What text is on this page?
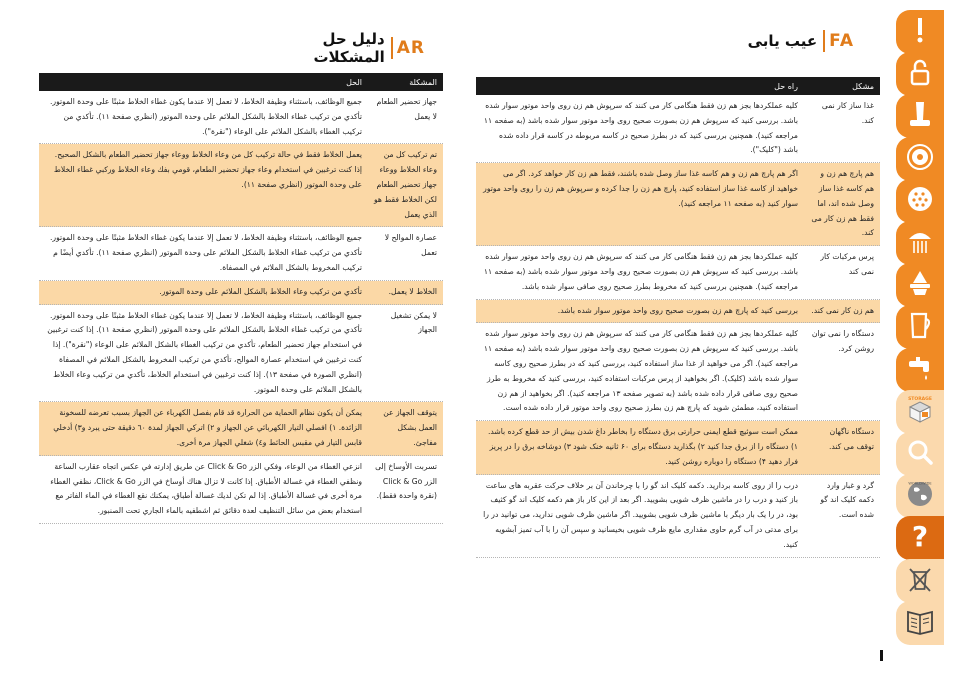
FA
عیب یابی
AR
دليل حل المشكلات
مشکل
راه حل
غذا ساز کار نمی کند.
کلیه عملکردها بجز هم زن فقط هنگامی کار می کنند که سرپوش هم زن روی واحد موتور سوار شده باشد. بررسی کنید که سرپوش هم زن بصورت صحیح روی واحد موتور سوار شده باشد (به صفحه ۱۱ مراجعه کنید). همچنین بررسی کنید که در بطرز صحیح در کاسه مربوطه در کاسه قرار داده شده باشد ("کلیک").
هم پارچ هم زن و هم کاسه غذا ساز وصل شده اند، اما فقط هم زن کار می کند.
اگر هم پارچ هم زن و هم کاسه غذا ساز وصل شده باشند، فقط هم زن کار خواهد کرد. اگر می خواهید از کاسه غذا ساز استفاده کنید، پارچ هم زن را جدا کرده و سرپوش هم زن را روی واحد موتور سوار کنید (به صفحه ۱۱ مراجعه کنید).
پرس مرکبات کار نمی کند
کلیه عملکردها بجز هم زن فقط هنگامی کار می کنند که سرپوش هم زن روی واحد موتور سوار شده باشد. بررسی کنید که سرپوش هم زن بصورت صحیح روی واحد موتور سوار شده باشد (به صفحه ۱۱ مراجعه کنید). همچنین بررسی کنید که مخروط بطرز صحیح روی صافی سوار شده باشد.
هم زن کار نمی کند.
بررسی کنید که پارچ هم زن بصورت صحیح روی واحد موتور سوار شده باشد.
دستگاه را نمی توان روشن کرد.
کلیه عملکردها بجز هم زن فقط هنگامی کار می کنند که سرپوش هم زن روی واحد موتور سوار شده باشد. بررسی کنید که سرپوش هم زن بصورت صحیح روی واحد موتور سوار شده باشد (به صفحه ۱۱ مراجعه کنید). اگر می خواهید از غذا ساز استفاده کنید، بررسی کنید که در بطرز صحیح روی کاسه سوار شده باشد (کلیک). اگر بخواهید از پرس مرکبات استفاده کنید، بررسی کنید که مخروط به طرز صحیح روی صافی قرار داده شده باشد (به تصویر صفحه ۱۳ مراجعه کنید). اگر بخواهید از هم زن استفاده کنید، مطمئن شوید که پارچ هم زن بطرز صحیح روی واحد موتور قرار داده شده است.
دستگاه ناگهان توقف می کند.
ممکن است سوئیچ قطع ایمنی حرارتی برق دستگاه را بخاطر داغ شدن بیش از حد قطع کرده باشد. ۱) دستگاه را از برق جدا کنید ۲) بگذارید دستگاه برای ۶۰ ثانیه خنک شود ۳) دوشاخه برق را در پریز فرار دهید ۴) دستگاه را دوباره روشن کنید.
گرد و غبار وارد دکمه کلیک اند گو شده است.
درب را از روی کاسه بردارید. دکمه کلیک اند گو را با چرخاندن آن بر خلاف حرکت عقربه های ساعت باز کنید و درب را در ماشین ظرف شویی بشویید. اگر بعد از این کار باز هم دکمه کلیک اند گو کثیف بود، در را یک بار دیگر با ماشین ظرف شویی بشویید. اگر ماشین ظرف شویی ندارید، می توانید در را برای مدتی در آب گرم حاوی مقداری مایع ظرف شویی بخیسانید و سپس آن را با آب تمیز آبشویه کنید.
المشكلة
الحل
جهاز تحضير الطعام لا يعمل
جميع الوظائف، باستثناء وظيفة الخلاط، لا تعمل إلا عندما يكون غطاء الخلاط مثبتًا على وحدة الموتور. تأكدي من تركيب غطاء الخلاط بالشكل الملائم على وحدة الموتور (انظري صفحة ١١). تأكدي من تركيب الغطاء بالشكل الملائم على الوعاء ("نقرة").
تم تركيب كل من وعاء الخلاط ووعاء جهاز تحضير الطعام لكن الخلاط فقط هو الذي يعمل
يعمل الخلاط فقط في حالة تركيب كل من وعاء الخلاط ووعاء جهاز تحضير الطعام بالشكل الصحيح. إذا كنت ترغبين في استخدام وعاء جهاز تحضير الطعام، قومي بفك وعاء الخلاط وركبي غطاء الخلاط على وحدة الموتور (انظري صفحة ١١).
عصارة الموالح لا تعمل
جميع الوظائف، باستثناء وظيفة الخلاط، لا تعمل إلا عندما يكون غطاء الخلاط مثبتًا على وحدة الموتور. تأكدي من تركيب غطاء الخلاط بالشكل الملائم على وحدة الموتور (انظري صفحة ١١). تأكدي أيضًا م تركيب المخروط بالشكل الملائم في المصفاة.
الخلاط لا يعمل.
تأكدي من تركيب وعاء الخلاط بالشكل الملائم على وحدة الموتور.
لا يمكن تشغيل الجهاز
جميع الوظائف، باستثناء وظيفة الخلاط، لا تعمل إلا عندما يكون غطاء الخلاط مثبتًا على وحدة الموتور. تأكدي من تركيب غطاء الخلاط بالشكل الملائم على وحدة الموتور (انظري صفحة ١١). إذا كنت ترغبين في استخدام جهاز تحضير الطعام، تأكدي من تركيب الغطاء بالشكل الملائم على الوعاء ("نقرة"). إذا كنت ترغبين في استخدام عصارة الموالح، تأكدي من تركيب المخروط بالشكل الملائم في المصفاة (انظري الصورة في صفحة ١٣). إذا كنت ترغبين في استخدام الخلاط، تأكدي من تركيب وعاء الخلاط بالشكل الملائم على وحدة الموتور.
يتوقف الجهاز عن العمل بشكل مفاجئ.
يمكن أن يكون نظام الحماية من الحرارة قد قام بفصل الكهرباء عن الجهاز بسبب تعرضه للسخونة الزائدة. ١) افصلي التيار الكهربائي عن الجهاز و ٢) اتركي الجهاز لمدة ٦٠ دقيقة حتى يبرد و٣) أدخلي قابس التيار في مقبس الحائط و٤) شغلي الجهاز مرة أخرى.
تسربت الأوساخ إلى الزر Click & Go (نقرة واحدة فقط).
انزعي الغطاء من الوعاء، وفكي الزر Click & Go عن طريق إدارته في عكس اتجاه عقارب الساعة ونظفي الغطاء في غسالة الأطباق. إذا كانت لا تزال هناك أوساخ في الزر Click & Go، نظفي الغطاء مرة أخرى في غسالة الأطباق. إذا لم تكن لديك غسالة أطباق، يمكنك نقع الغطاء في الماء الفاتر مع استخدام بعض من سائل التنظيف لعدة دقائق ثم اشطفيه بالماء الجاري تحت الصنبور.
STORAGE
WORLDWIDE
?
